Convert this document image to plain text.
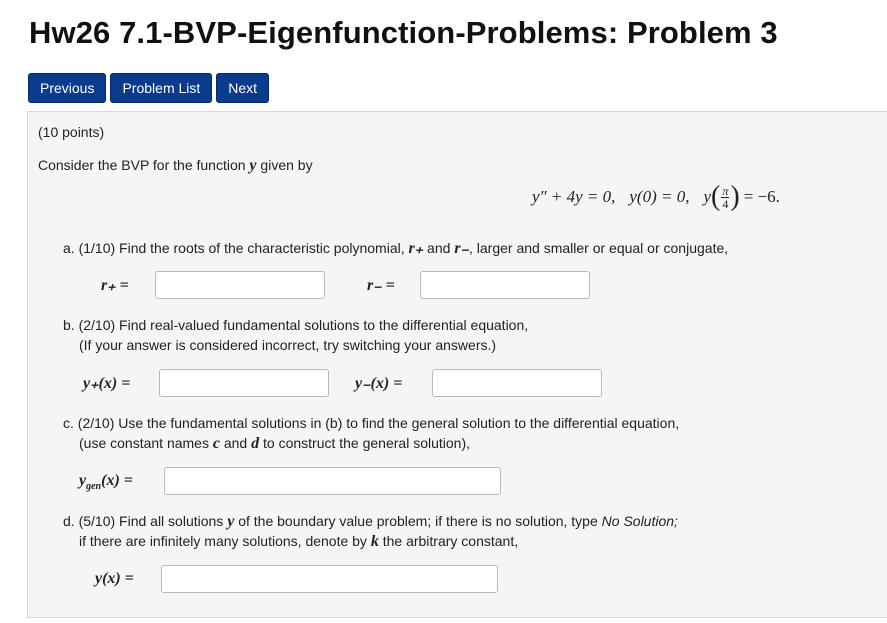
Hw26 7.1-BVP-Eigenfunction-Problems: Problem 3
Previous	Problem List	Next
(10 points)
Consider the BVP for the function y given by
y″ + 4y = 0, y(0) = 0, y ( $\frac{\pi}{4}$ ) = −6.
a. (1/10) Find the roots of the characteristic polynomial, r₊ and r₋, larger and smaller or equal or conjugate,
r₊ =	r₋ =
b. (2/10) Find real-valued fundamental solutions to the differential equation,
(If your answer is considered incorrect, try switching your answers.)
y₊(x) =	y₋(x) =
c. (2/10) Use the fundamental solutions in (b) to find the general solution to the differential equation,
(use constant names c and d to construct the general solution),
$y_{gen}(x)$ =
d. (5/10) Find all solutions y of the boundary value problem; if there is no solution, type No Solution;
if there are infinitely many solutions, denote by k the arbitrary constant,
y(x) =
